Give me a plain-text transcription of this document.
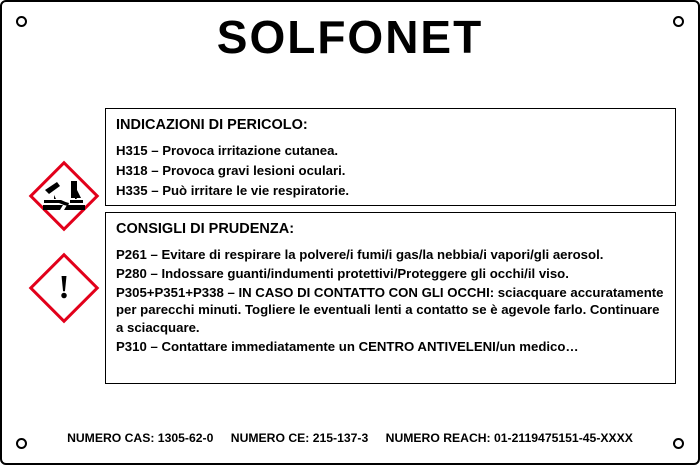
SOLFONET
!
INDICAZIONI DI PERICOLO:

H315 – Provoca irritazione cutanea.

H318 – Provoca gravi lesioni oculari.

H335 – Può irritare le vie respiratorie.

CONSIGLI DI PRUDENZA:

P261 – Evitare di respirare la polvere/i fumi/i gas/la nebbia/i vapori/gli aerosol.

P280 – Indossare guanti/indumenti protettivi/Proteggere gli occhi/il viso.

P305+P351+P338 – IN CASO DI CONTATTO CON GLI OCCHI: sciacquare accuratamente per parecchi minuti. Togliere le eventuali lenti a contatto se è agevole farlo. Continuare a sciacquare.

P310 – Contattare immediatamente un CENTRO ANTIVELENI/un medico…

NUMERO CAS: 1305-62-0 NUMERO CE: 215-137-3 NUMERO REACH: 01-2119475151-45-XXXX
